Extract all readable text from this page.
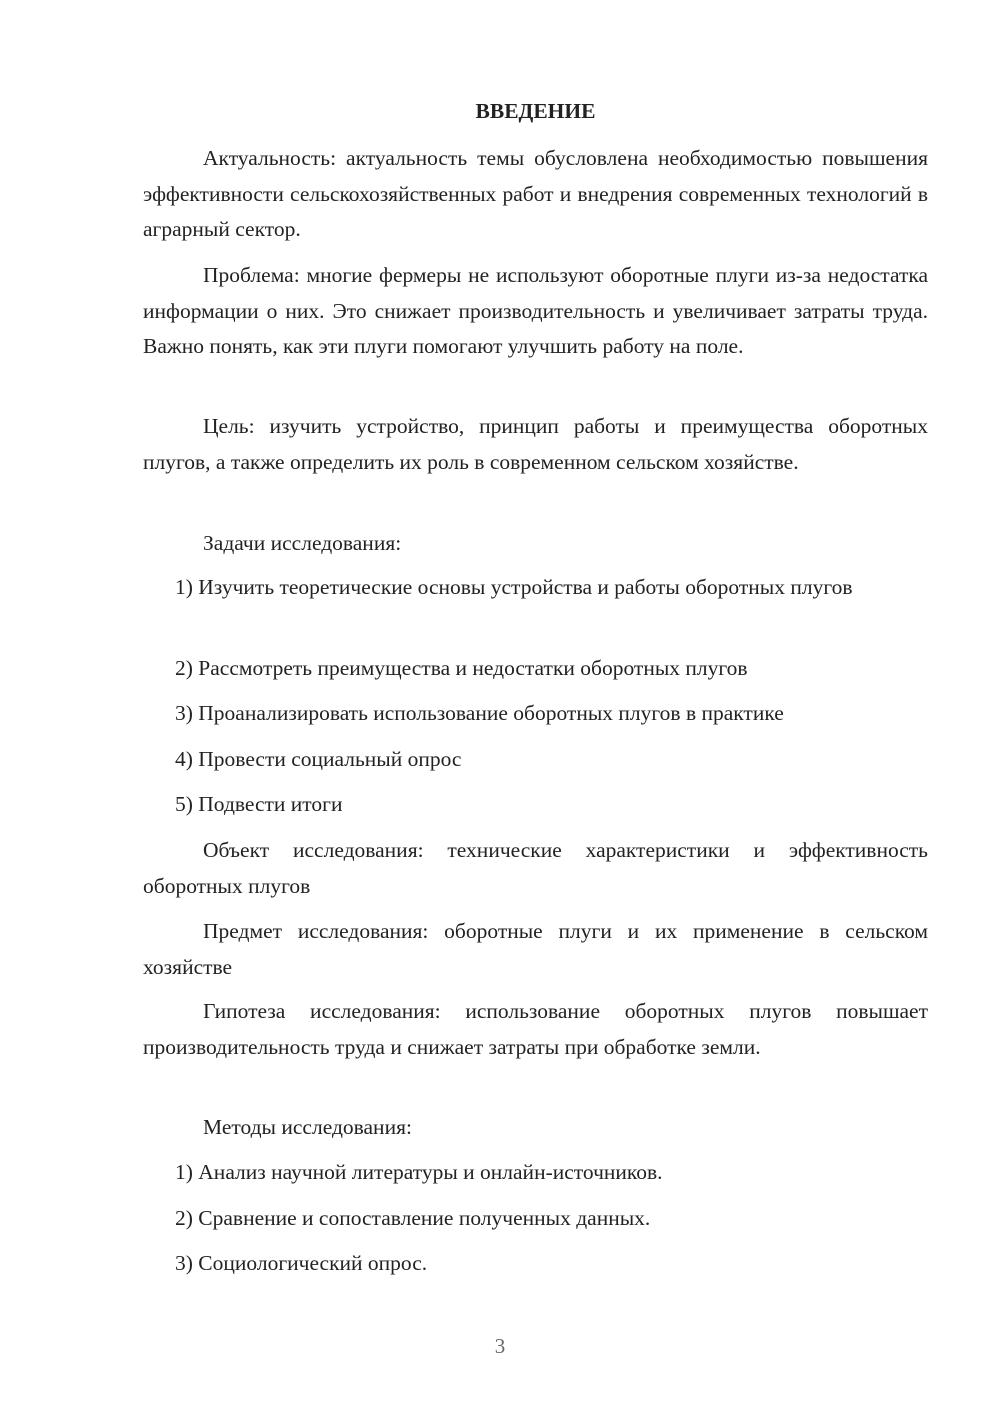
ВВЕДЕНИЕ

Актуальность: актуальность темы обусловлена необходимостью повышения эффективности сельскохозяйственных работ и внедрения современных технологий в аграрный сектор.

Проблема: многие фермеры не используют оборотные плуги из-за недостатка информации о них. Это снижает производительность и увеличивает затраты труда. Важно понять, как эти плуги помогают улучшить работу на поле.

Цель: изучить устройство, принцип работы и преимущества оборотных плугов, а также определить их роль в современном сельском хозяйстве.

Задачи исследования:

1) Изучить теоретические основы устройства и работы оборотных плугов

2) Рассмотреть преимущества и недостатки оборотных плугов

3) Проанализировать использование оборотных плугов в практике

4) Провести социальный опрос

5) Подвести итоги

Объект исследования: технические характеристики и эффективность оборотных плугов

Предмет исследования: оборотные плуги и их применение в сельском хозяйстве

Гипотеза исследования: использование оборотных плугов повышает производительность труда и снижает затраты при обработке земли.

Методы исследования:

1) Анализ научной литературы и онлайн-источников.

2) Сравнение и сопоставление полученных данных.

3) Социологический опрос.

3
